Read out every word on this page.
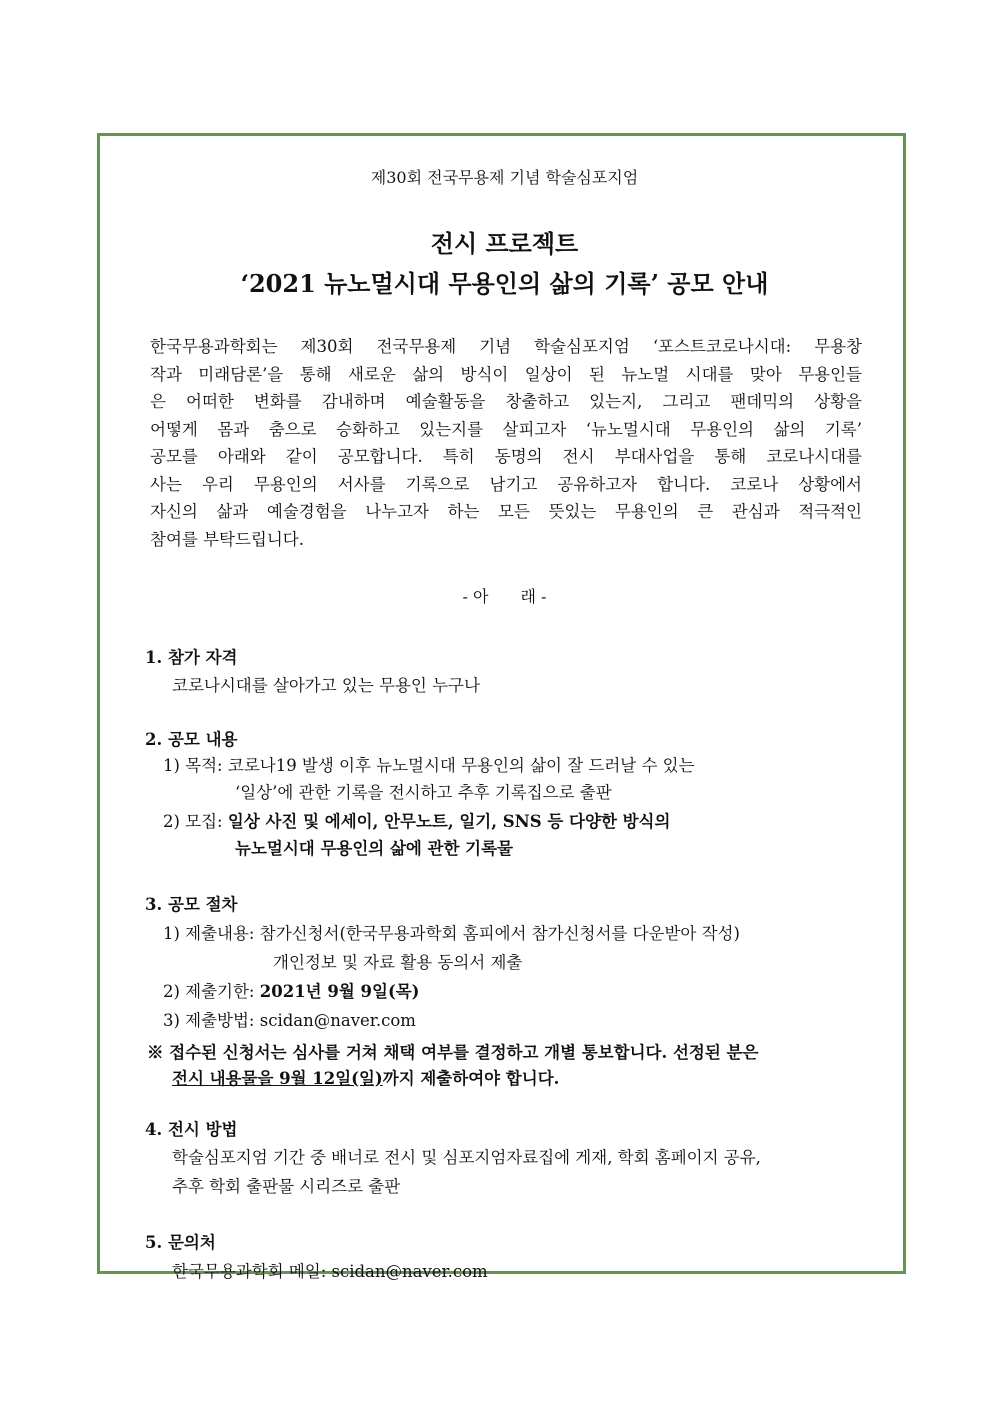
제30회 전국무용제 기념 학술심포지엄
전시 프로젝트
‘2021 뉴노멀시대 무용인의 삶의 기록’ 공모 안내
한국무용과학회는 제30회 전국무용제 기념 학술심포지엄 ‘포스트코로나시대: 무용창
작과 미래담론’을 통해 새로운 삶의 방식이 일상이 된 뉴노멀 시대를 맞아 무용인들
은 어떠한 변화를 감내하며 예술활동을 창출하고 있는지, 그리고 팬데믹의 상황을
어떻게 몸과 춤으로 승화하고 있는지를 살피고자 ‘뉴노멀시대 무용인의 삶의 기록’
공모를 아래와 같이 공모합니다. 특히 동명의 전시 부대사업을 통해 코로나시대를
사는 우리 무용인의 서사를 기록으로 남기고 공유하고자 합니다. 코로나 상황에서
자신의 삶과 예술경험을 나누고자 하는 모든 뜻있는 무용인의 큰 관심과 적극적인
참여를 부탁드립니다.
- 아　　래 -
1. 참가 자격
코로나시대를 살아가고 있는 무용인 누구나
2. 공모 내용
1) 목적: 코로나19 발생 이후 뉴노멀시대 무용인의 삶이 잘 드러날 수 있는
‘일상’에 관한 기록을 전시하고 추후 기록집으로 출판
2) 모집: 일상 사진 및 에세이, 안무노트, 일기, SNS 등 다양한 방식의
뉴노멀시대 무용인의 삶에 관한 기록물
3. 공모 절차
1) 제출내용: 참가신청서(한국무용과학회 홈피에서 참가신청서를 다운받아 작성)
개인정보 및 자료 활용 동의서 제출
2) 제출기한: 2021년 9월 9일(목)
3) 제출방법: scidan@naver.com
※ 접수된 신청서는 심사를 거쳐 채택 여부를 결정하고 개별 통보합니다. 선정된 분은
전시 내용물을 9월 12일(일)까지 제출하여야 합니다.
4. 전시 방법
학술심포지엄 기간 중 배너로 전시 및 심포지엄자료집에 게재, 학회 홈페이지 공유,
추후 학회 출판물 시리즈로 출판
5. 문의처
한국무용과학회 메일: scidan@naver.com
